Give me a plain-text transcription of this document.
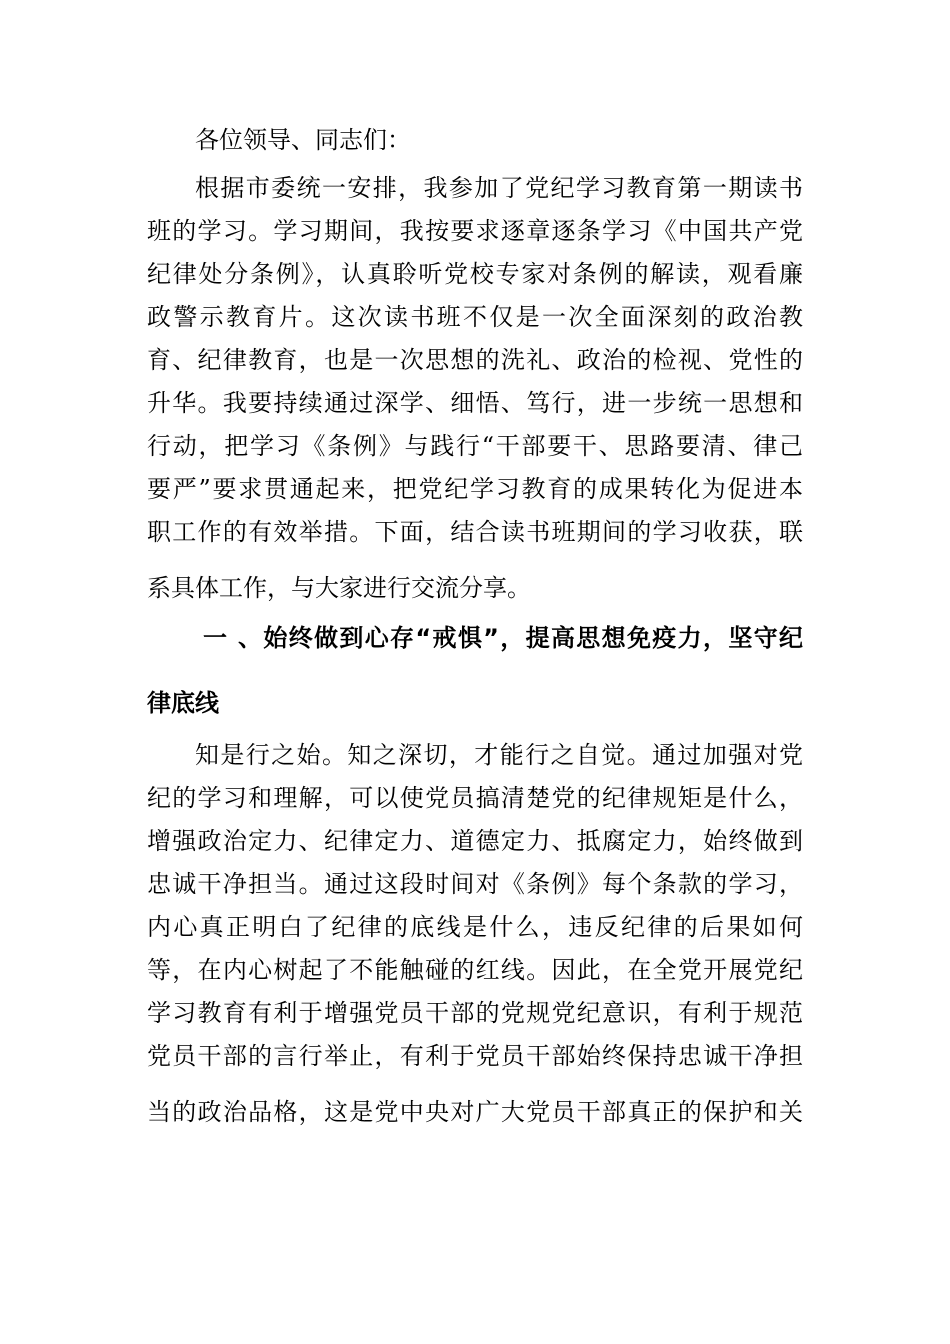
各位领导、同志们：
根据市委统一安排，我参加了党纪学习教育第一期读书
班的学习。学习期间，我按要求逐章逐条学习《中国共产党
纪律处分条例》，认真聆听党校专家对条例的解读，观看廉
政警示教育片。这次读书班不仅是一次全面深刻的政治教
育、纪律教育，也是一次思想的洗礼、政治的检视、党性的
升华。我要持续通过深学、细悟、笃行，进一步统一思想和
行动，把学习《条例》与践行“干部要干、思路要清、律己
要严”要求贯通起来，把党纪学习教育的成果转化为促进本
职工作的有效举措。下面，结合读书班期间的学习收获，联
系具体工作，与大家进行交流分享。
一 、始终做到心存“戒惧”，提高思想免疫力，坚守纪
律底线
知是行之始。知之深切，才能行之自觉。通过加强对党
纪的学习和理解，可以使党员搞清楚党的纪律规矩是什么，
增强政治定力、纪律定力、道德定力、抵腐定力，始终做到
忠诚干净担当。通过这段时间对《条例》每个条款的学习，
内心真正明白了纪律的底线是什么，违反纪律的后果如何
等，在内心树起了不能触碰的红线。因此，在全党开展党纪
学习教育有利于增强党员干部的党规党纪意识，有利于规范
党员干部的言行举止，有利于党员干部始终保持忠诚干净担
当的政治品格，这是党中央对广大党员干部真正的保护和关
